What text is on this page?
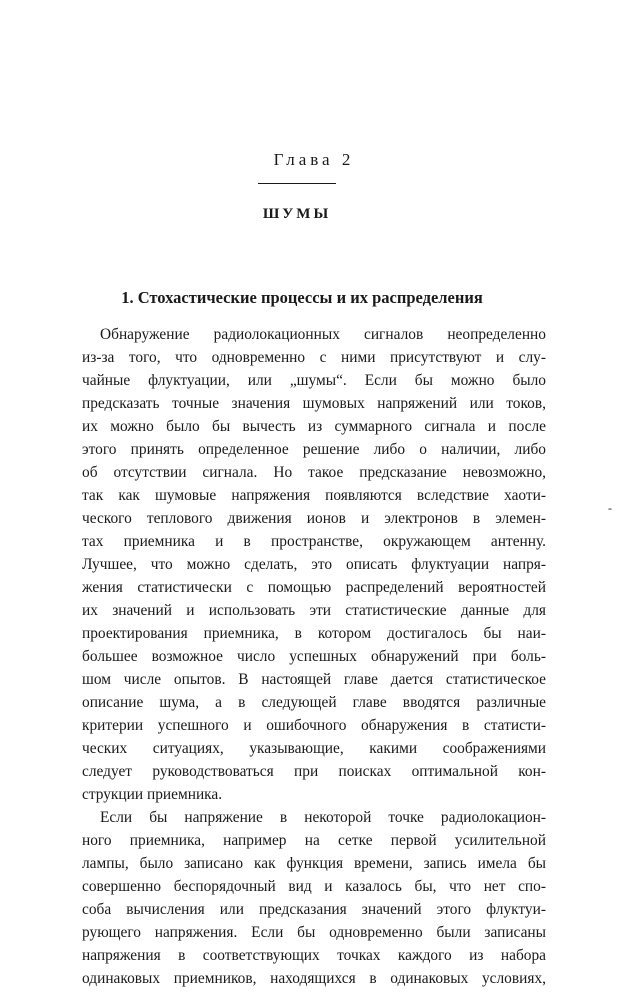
Глава 2
ШУМЫ
1. Стохастические процессы и их распределения
Обнаружение радиолокационных сигналов неопределенно
из-за того, что одновременно с ними присутствуют и слу-
чайные флуктуации, или „шумы“. Если бы можно было
предсказать точные значения шумовых напряжений или токов,
их можно было бы вычесть из суммарного сигнала и после
этого принять определенное решение либо о наличии, либо
об отсутствии сигнала. Но такое предсказание невозможно,
так как шумовые напряжения появляются вследствие хаоти-
ческого теплового движения ионов и электронов в элемен-
тах приемника и в пространстве, окружающем антенну.
Лучшее, что можно сделать, это описать флуктуации напря-
жения статистически с помощью распределений вероятностей
их значений и использовать эти статистические данные для
проектирования приемника, в котором достигалось бы наи-
большее возможное число успешных обнаружений при боль-
шом числе опытов. В настоящей главе дается статистическое
описание шума, а в следующей главе вводятся различные
критерии успешного и ошибочного обнаружения в статисти-
ческих ситуациях, указывающие, какими соображениями
следует руководствоваться при поисках оптимальной кон-
струкции приемника.
Если бы напряжение в некоторой точке радиолокацион-
ного приемника, например на сетке первой усилительной
лампы, было записано как функция времени, запись имела бы
совершенно беспорядочный вид и казалось бы, что нет спо-
соба вычисления или предсказания значений этого флуктуи-
рующего напряжения. Если бы одновременно были записаны
напряжения в соответствующих точках каждого из набора
одинаковых приемников, находящихся в одинаковых условиях,
-
